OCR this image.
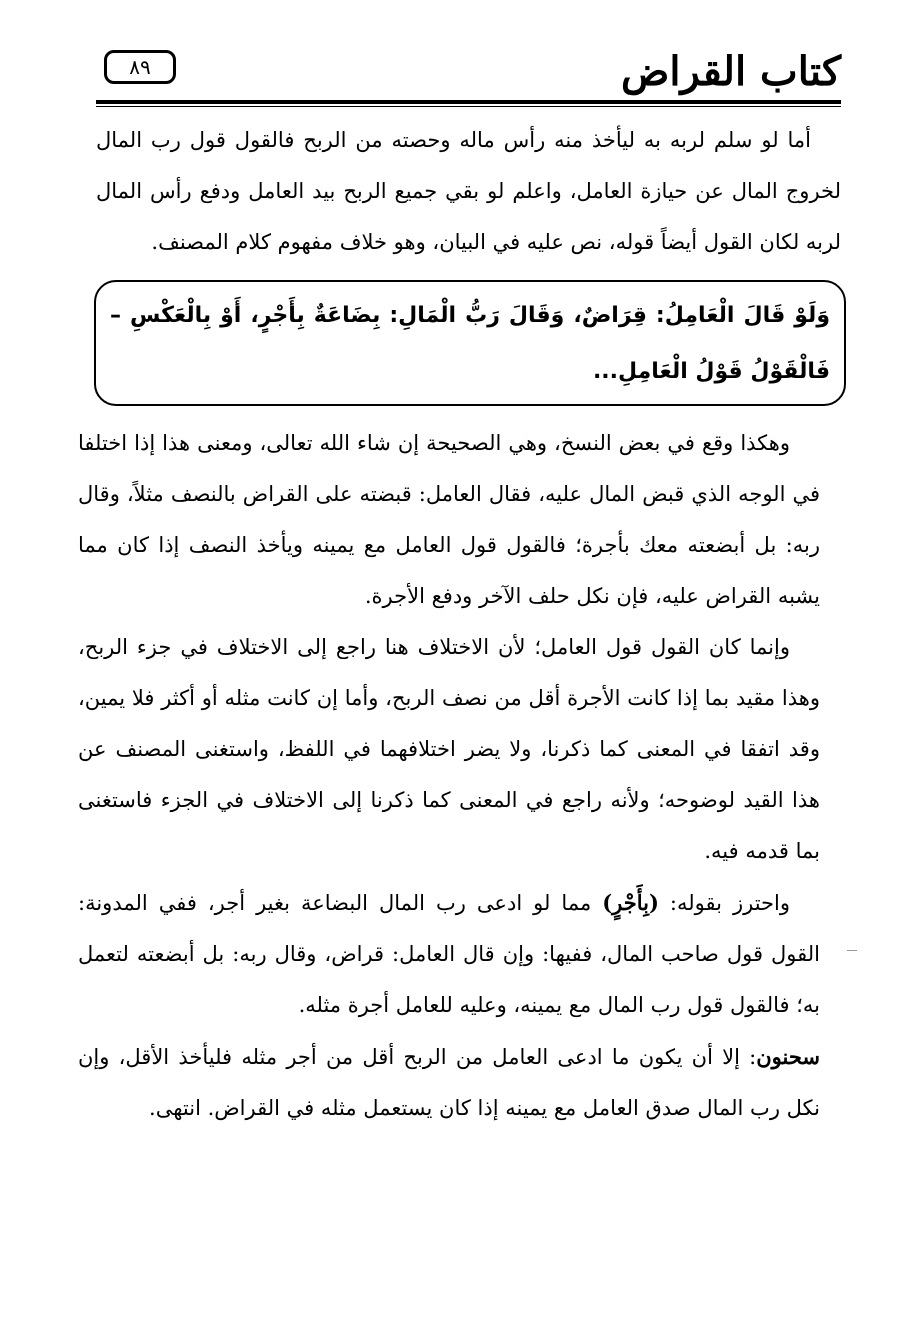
كتاب القراض
٨٩

أما لو سلم لربه به ليأخذ منه رأس ماله وحصته من الربح فالقول قول رب المال لخروج المال عن حيازة العامل، واعلم لو بقي جميع الربح بيد العامل ودفع رأس المال لربه لكان القول أيضاً قوله، نص عليه في البيان، وهو خلاف مفهوم كلام المصنف.

وَلَوْ قَالَ الْعَامِلُ: قِرَاضٌ، وَقَالَ رَبُّ الْمَالِ: بِضَاعَةٌ بِأَجْرٍ، أَوْ بِالْعَكْسِ – فَالْقَوْلُ قَوْلُ الْعَامِلِ...

وهكذا وقع في بعض النسخ، وهي الصحيحة إن شاء الله تعالى، ومعنى هذا إذا اختلفا في الوجه الذي قبض المال عليه، فقال العامل: قبضته على القراض بالنصف مثلاً، وقال ربه: بل أبضعته معك بأجرة؛ فالقول قول العامل مع يمينه ويأخذ النصف إذا كان مما يشبه القراض عليه، فإن نكل حلف الآخر ودفع الأجرة.

وإنما كان القول قول العامل؛ لأن الاختلاف هنا راجع إلى الاختلاف في جزء الربح، وهذا مقيد بما إذا كانت الأجرة أقل من نصف الربح، وأما إن كانت مثله أو أكثر فلا يمين، وقد اتفقا في المعنى كما ذكرنا، ولا يضر اختلافهما في اللفظ، واستغنى المصنف عن هذا القيد لوضوحه؛ ولأنه راجع في المعنى كما ذكرنا إلى الاختلاف في الجزء فاستغنى بما قدمه فيه.

واحترز بقوله: (بِأَجْرٍ) مما لو ادعى رب المال البضاعة بغير أجر، ففي المدونة: القول قول صاحب المال، ففيها: وإن قال العامل: قراض، وقال ربه: بل أبضعته لتعمل به؛ فالقول قول رب المال مع يمينه، وعليه للعامل أجرة مثله.

سحنون: إلا أن يكون ما ادعى العامل من الربح أقل من أجر مثله فليأخذ الأقل، وإن نكل رب المال صدق العامل مع يمينه إذا كان يستعمل مثله في القراض. انتهى.
